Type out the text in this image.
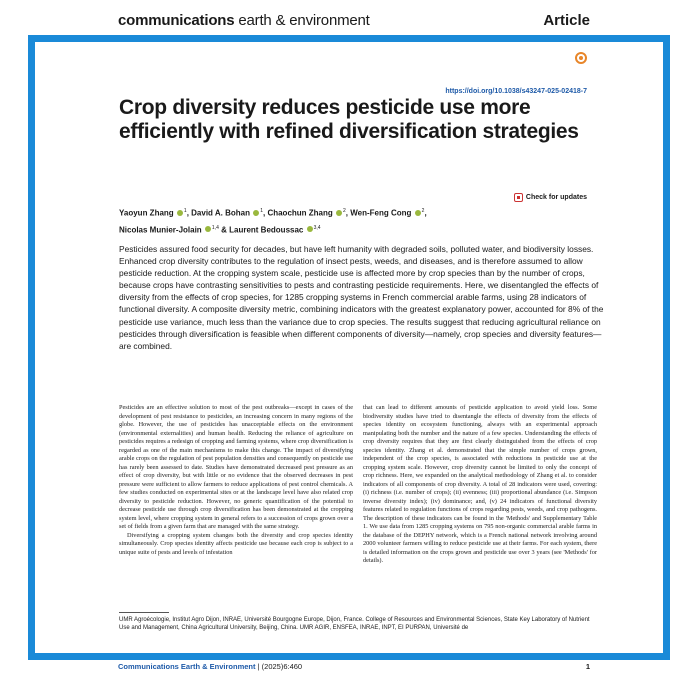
communications earth & environment	Article
https://doi.org/10.1038/s43247-025-02418-7
Crop diversity reduces pesticide use more efficiently with refined diversification strategies
Check for updates
Yaoyun Zhang $^1$, David A. Bohan $^1$, Chaochun Zhang $^2$, Wen-Feng Cong $^2$,
Nicolas Munier-Jolain $^{1,4}$ & Laurent Bedoussac $^{3,4}$
Pesticides assured food security for decades, but have left humanity with degraded soils, polluted water, and biodiversity losses. Enhanced crop diversity contributes to the regulation of insect pests, weeds, and diseases, and is therefore assumed to allow pesticide reduction. At the cropping system scale, pesticide use is affected more by crop species than by the number of crops, because crops have contrasting sensitivities to pests and contrasting pesticide requirements. Here, we disentangled the effects of diversity from the effects of crop species, for 1285 cropping systems in French commercial arable farms, using 28 indicators of functional diversity. A composite diversity metric, combining indicators with the greatest explanatory power, accounted for 8% of the pesticide use variance, much less than the variance due to crop species. The results suggest that reducing agricultural reliance on pesticides through diversification is feasible when different components of diversity—namely, crop species and diversity features—are combined.

Pesticides are an effective solution to most of the pest outbreaks—except in cases of the development of pest resistance to pesticides, an increasing concern in many regions of the globe. However, the use of pesticides has unacceptable effects on the environment (environmental externalities) and human health. Reducing the reliance of agriculture on pesticides requires a redesign of cropping and farming systems, where crop diversification is regarded as one of the main mechanisms to make this change. The impact of diversifying arable crops on the regulation of pest population densities and consequently on pesticide use has rarely been assessed to date. Studies have demonstrated decreased pest pressure as an effect of crop diversity, but with little or no evidence that the observed decreases in pest pressure were sufficient to allow farmers to reduce applications of pest control chemicals. A few studies conducted on experimental sites or at the landscape level have also related crop diversity to pesticide reduction. However, no generic quantification of the potential to decrease pesticide use through crop diversification has been demonstrated at the cropping system level, where cropping system in general refers to a succession of crops grown over a set of fields from a given farm that are managed with the same strategy.

Diversifying a cropping system changes both the diversity and crop species identity simultaneously. Crop species identity affects pesticide use because each crop is subject to a unique suite of pests and levels of infestation

that can lead to different amounts of pesticide application to avoid yield loss. Some biodiversity studies have tried to disentangle the effects of diversity from the effects of species identity on ecosystem functioning, always with an experimental approach manipulating both the number and the nature of a few species. Understanding the effects of crop diversity requires that they are first clearly distinguished from the effects of crop species identity. Zhang et al. demonstrated that the simple number of crops grown, independent of the crop species, is associated with reductions in pesticide use at the cropping system scale. However, crop diversity cannot be limited to only the concept of crop richness. Here, we expanded on the analytical methodology of Zhang et al. to consider indicators of all components of crop diversity. A total of 28 indicators were used, covering: (i) richness (i.e. number of crops); (ii) evenness; (iii) proportional abundance (i.e. Simpson inverse diversity index); (iv) dominance; and, (v) 24 indicators of functional diversity features related to regulation functions of crops regarding pests, weeds, and crop pathogens. The description of these indicators can be found in the 'Methods' and Supplementary Table 1. We use data from 1285 cropping systems on 795 non-organic commercial arable farms in the database of the DEPHY network, which is a French national network involving around 2000 volunteer farmers willing to reduce pesticide use at their farms. For each system, there is detailed information on the crops grown and pesticide use over 3 years (see 'Methods' for details).

UMR Agroécologie, Institut Agro Dijon, INRAE, Université Bourgogne Europe, Dijon, France. College of Resources and Environmental Sciences, State Key Laboratory of Nutrient Use and Management, China Agricultural University, Beijing, China. UMR AGIR, ENSFEA, INRAE, INPT, EI PURPAN, Université de
Communications Earth & Environment | (2025)6:460	1
